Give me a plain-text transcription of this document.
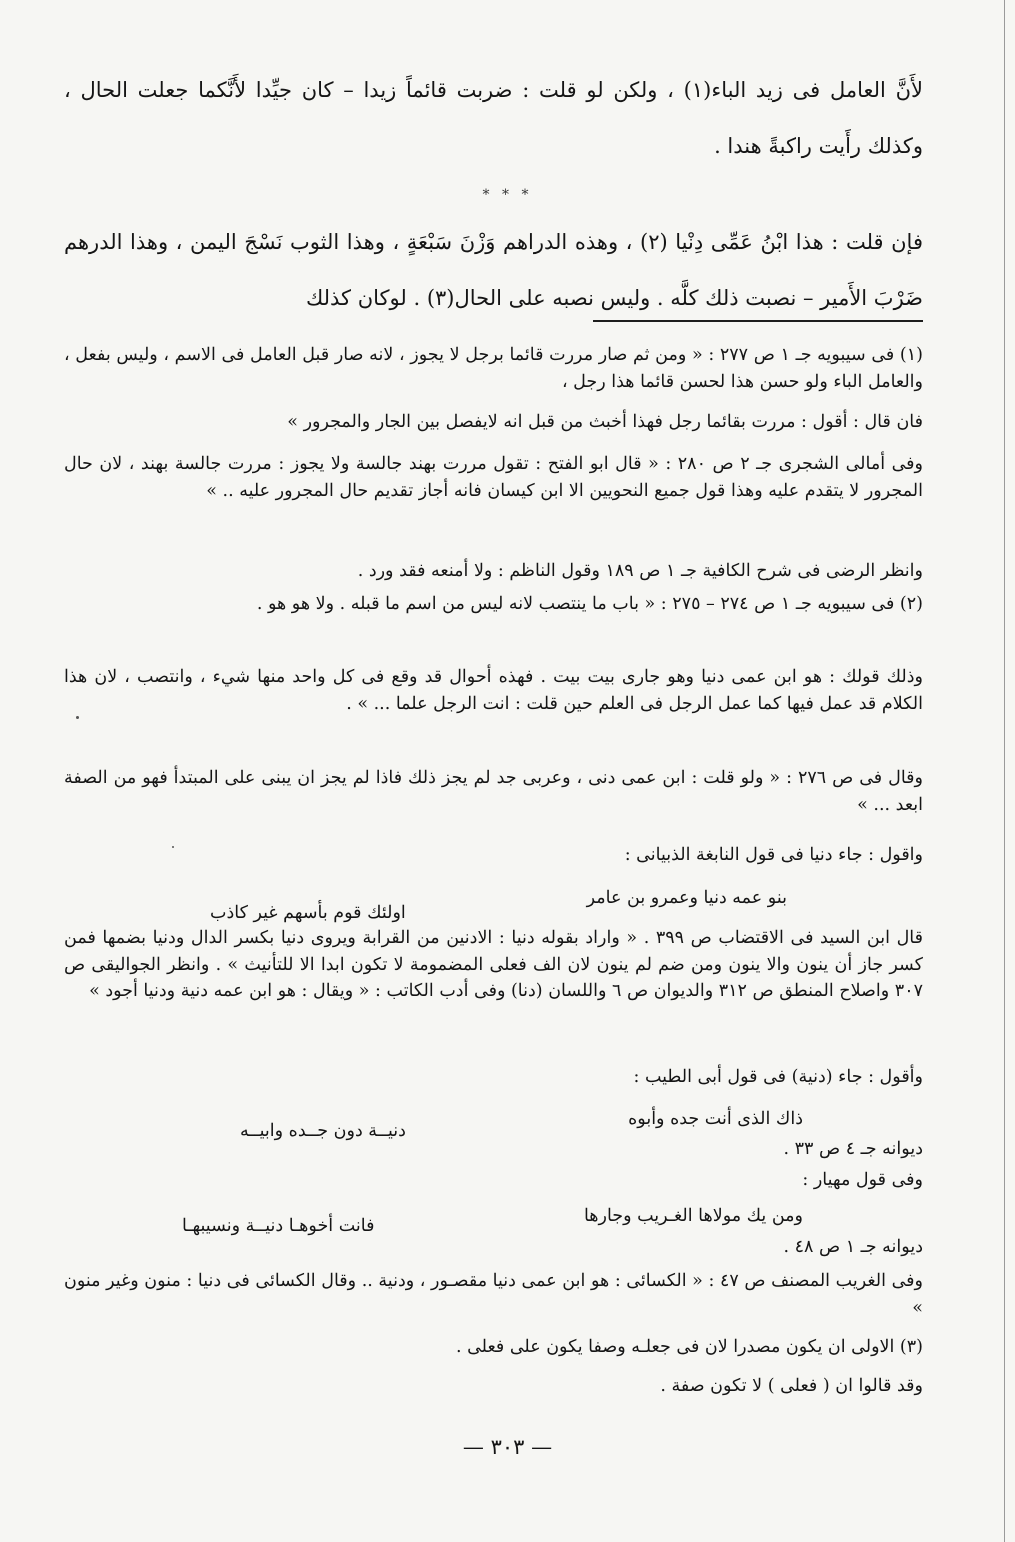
لأَنَّ العامل فى زيد الباء(١) ، ولكن لو قلت : ضربت قائماً زيدا – كان جيِّدا لأَنَّكما جعلت الحال ، وكذلك رأَيت راكبةً هندا .

* * *

فإن قلت : هذا ابْنُ عَمِّى دِنْيا (٢) ، وهذه الدراهم وَزْنَ سَبْعَةٍ ، وهذا الثوب نَسْجَ اليمن ، وهذا الدرهم ضَرْبَ الأَمير – نصبت ذلك كلَّه . وليس نصبه على الحال(٣) . لوكان كذلك

(١) فى سيبويه جـ ١ ص ٢٧٧ : « ومن ثم صار مررت قائما برجل لا يجوز ، لانه صار قبل العامل فى الاسم ، وليس بفعل ، والعامل الباء ولو حسن هذا لحسن قائما هذا رجل ،

فان قال : أقول : مررت بقائما رجل فهذا أخبث من قبل انه لايفصل بين الجار والمجرور »

وفى أمالى الشجرى جـ ٢ ص ٢٨٠ : « قال ابو الفتح : تقول مررت بهند جالسة ولا يجوز : مررت جالسة بهند ، لان حال المجرور لا يتقدم عليه وهذا قول جميع النحويين الا ابن كيسان فانه أجاز تقديم حال المجرور عليه .. »

وانظر الرضى فى شرح الكافية جـ ١ ص ١٨٩ وقول الناظم : ولا أمنعه فقد ورد .

(٢) فى سيبويه جـ ١ ص ٢٧٤ – ٢٧٥ : « باب ما ينتصب لانه ليس من اسم ما قبله . ولا هو هو .

وذلك قولك : هو ابن عمى دنيا وهو جارى بيت بيت . فهذه أحوال قد وقع فى كل واحد منها شيء ، وانتصب ، لان هذا الكلام قد عمل فيها كما عمل الرجل فى العلم حين قلت : انت الرجل علما ... » .

وقال فى ص ٢٧٦ : « ولو قلت : ابن عمى دنى ، وعربى جد لم يجز ذلك فاذا لم يجز ان يبنى على المبتدأ فهو من الصفة ابعد ... »

واقول : جاء دنيا فى قول النابغة الذبيانى :

بنو عمه دنيا وعمرو بن عامر
اولئك قوم بأسهم غير كاذب

قال ابن السيد فى الاقتضاب ص ٣٩٩ . « واراد بقوله دنيا : الادنين من القرابة ويروى دنيا بكسر الدال ودنيا بضمها فمن كسر جاز أن ينون والا ينون ومن ضم لم ينون لان الف فعلى المضمومة لا تكون ابدا الا للتأنيث » . وانظر الجواليقى ص ٣٠٧ واصلاح المنطق ص ٣١٢ والديوان ص ٦ واللسان (دنا) وفى أدب الكاتب : « ويقال : هو ابن عمه دنية ودنيا أجود »

وأقول : جاء (دنية) فى قول أبى الطيب :

ذاك الذى أنت جده وأبوه
دنيــة دون جــده وابيــه

ديوانه جـ ٤ ص ٣٣ .

وفى قول مهيار :

ومن يك مولاها الغـريب وجارها
فانت أخوهـا دنيــة ونسيبهـا

ديوانه جـ ١ ص ٤٨ .

وفى الغريب المصنف ص ٤٧ : « الكسائى : هو ابن عمى دنيا مقصـور ، ودنية .. وقال الكسائى فى دنيا : منون وغير منون »

(٣) الاولى ان يكون مصدرا لان فى جعلـه وصفا يكون على فعلى .

وقد قالوا ان ( فعلى ) لا تكون صفة .

— ٣٠٣ —
